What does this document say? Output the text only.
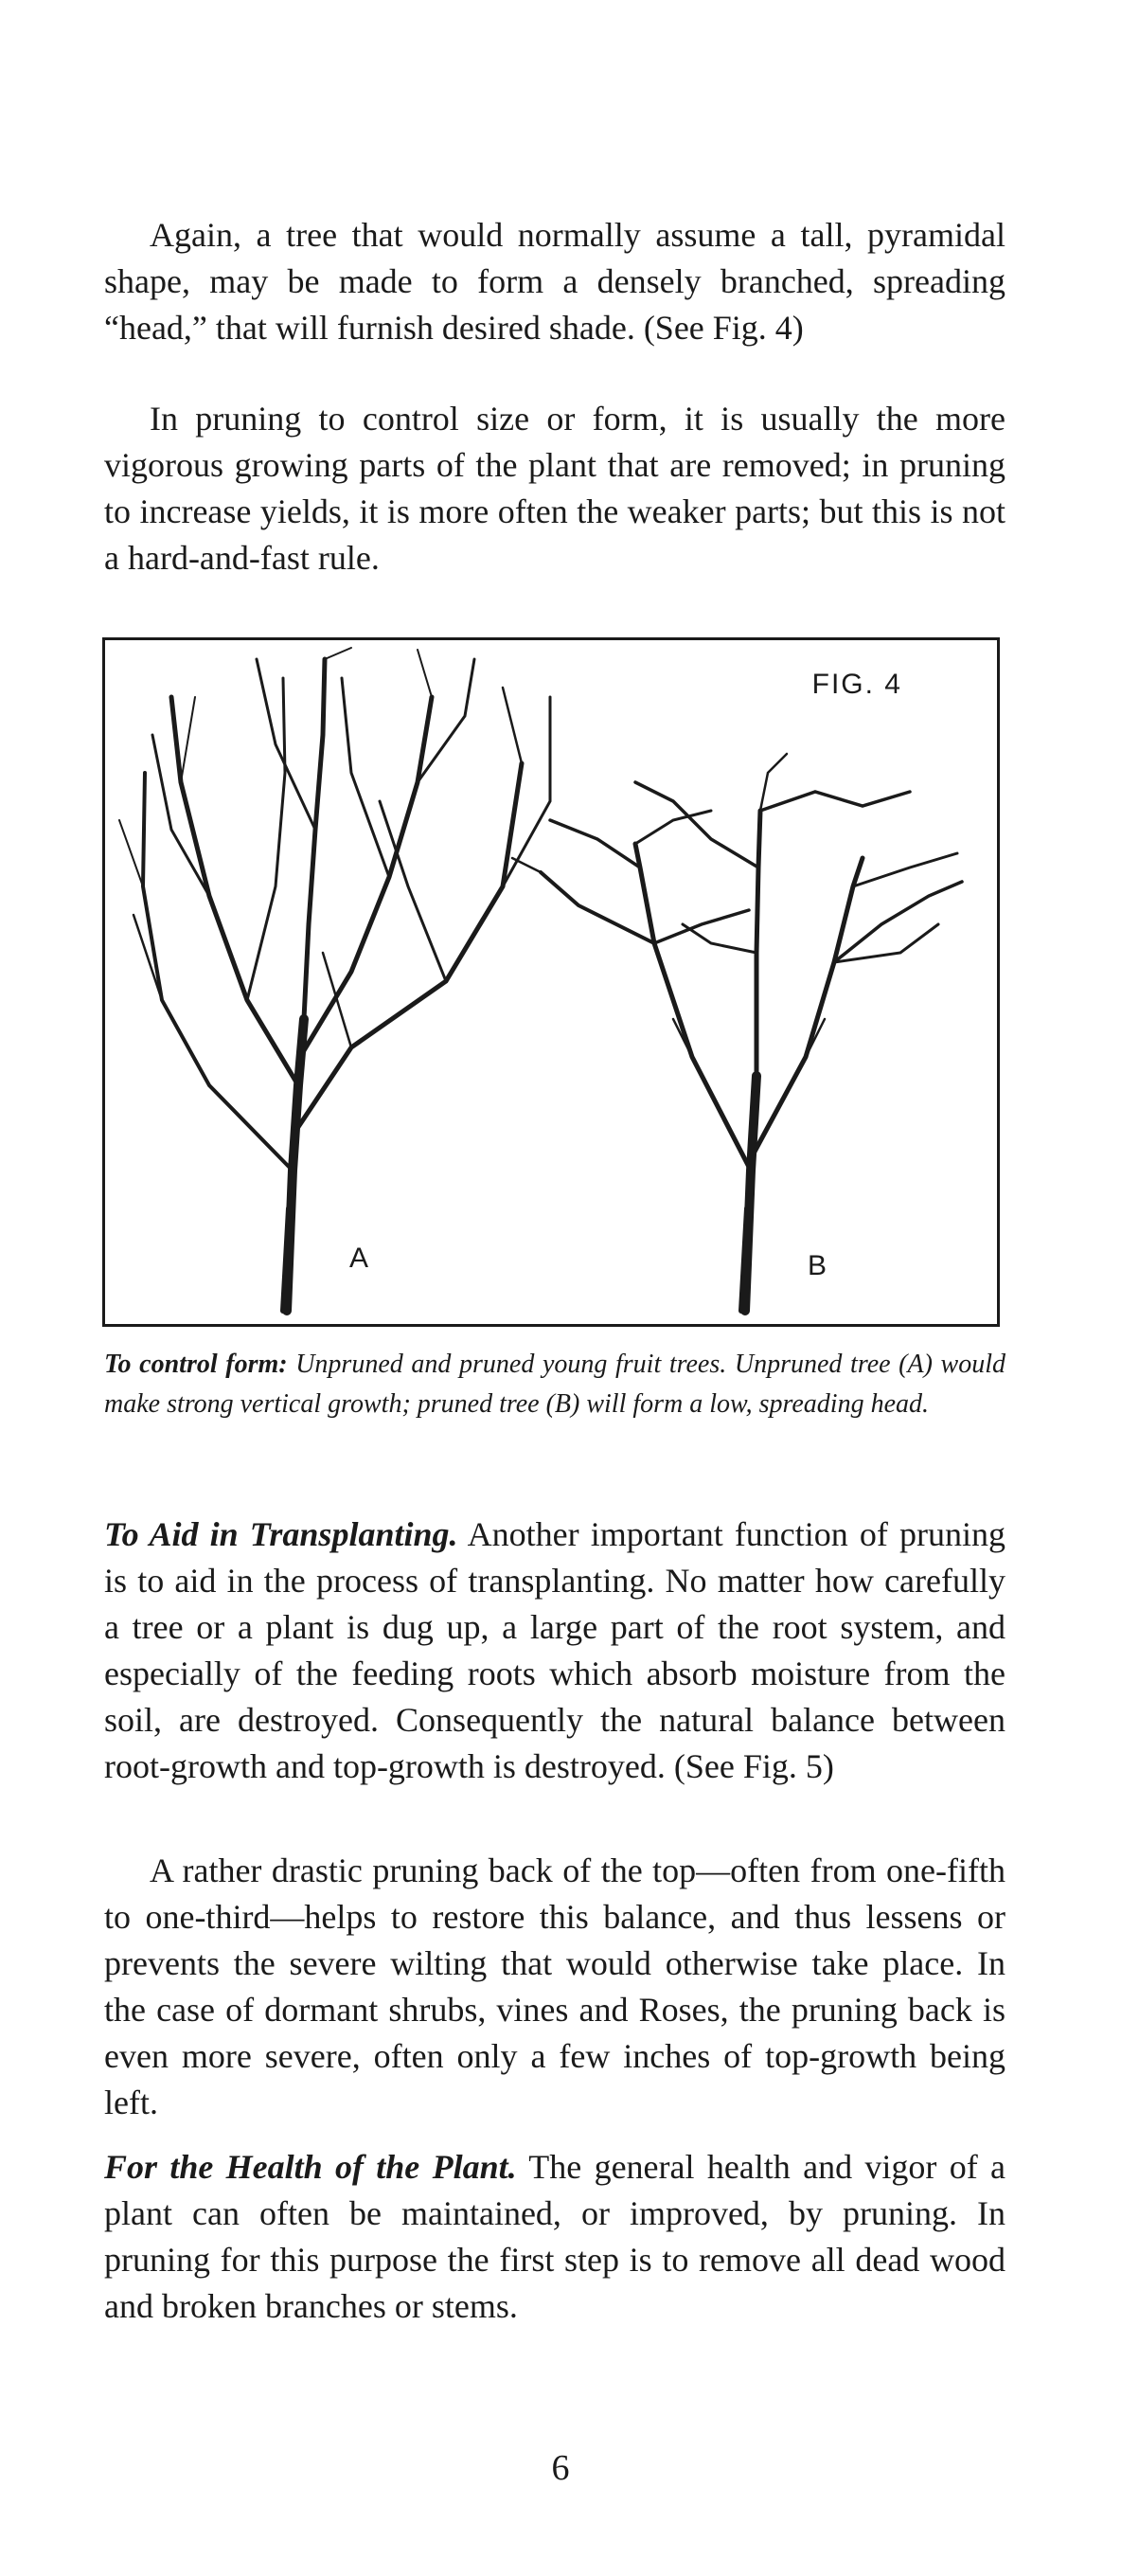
Again, a tree that would normally assume a tall, pyramidal shape, may be made to form a densely branched, spreading “head,” that will furnish desired shade. (See Fig. 4)

In pruning to control size or form, it is usually the more vigorous growing parts of the plant that are removed; in pruning to increase yields, it is more often the weaker parts; but this is not a hard-and-fast rule.

FIG. 4
A	B

To control form: Unpruned and pruned young fruit trees. Unpruned tree (A) would make strong vertical growth; pruned tree (B) will form a low, spreading head.

To Aid in Transplanting. Another important function of pruning is to aid in the process of transplanting. No matter how carefully a tree or a plant is dug up, a large part of the root system, and especially of the feeding roots which absorb moisture from the soil, are destroyed. Consequently the natural balance between root-growth and top-growth is destroyed. (See Fig. 5)

A rather drastic pruning back of the top—often from one-fifth to one-third—helps to restore this balance, and thus lessens or prevents the severe wilting that would otherwise take place. In the case of dormant shrubs, vines and Roses, the pruning back is even more severe, often only a few inches of top-growth being left.

For the Health of the Plant. The general health and vigor of a plant can often be maintained, or improved, by pruning. In pruning for this purpose the first step is to remove all dead wood and broken branches or stems.

6
